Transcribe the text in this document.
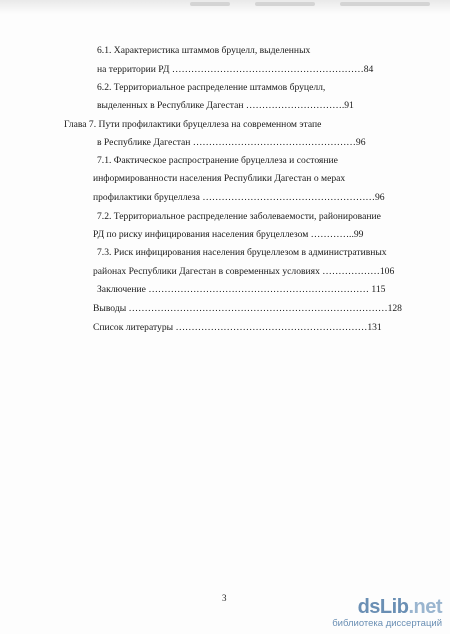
6.1. Характеристика штаммов бруцелл, выделенных
на территории РД ……………………………………………………84
6.2. Территориальное распределение штаммов бруцелл,
выделенных в Республике Дагестан ………………………….91
Глава 7. Пути профилактики бруцеллеза на современном этапе
в Республике Дагестан ……………………………………………96
7.1. Фактическое распространение бруцеллеза и состояние
информированности населения Республики Дагестан о мерах
профилактики бруцеллеза ………………………………………………96
7.2. Территориальное распределение заболеваемости, районирование
РД по риску инфицирования населения бруцеллезом …………..99
7.3. Риск инфицирования населения бруцеллезом в административных
районах Республики Дагестан в современных условиях ………………106
Заключение …………………………………………………………… 115
Выводы ………………………………………………………………………128
Список литературы ……………………………………………………131
3	dsLib.net
библиотека диссертаций
